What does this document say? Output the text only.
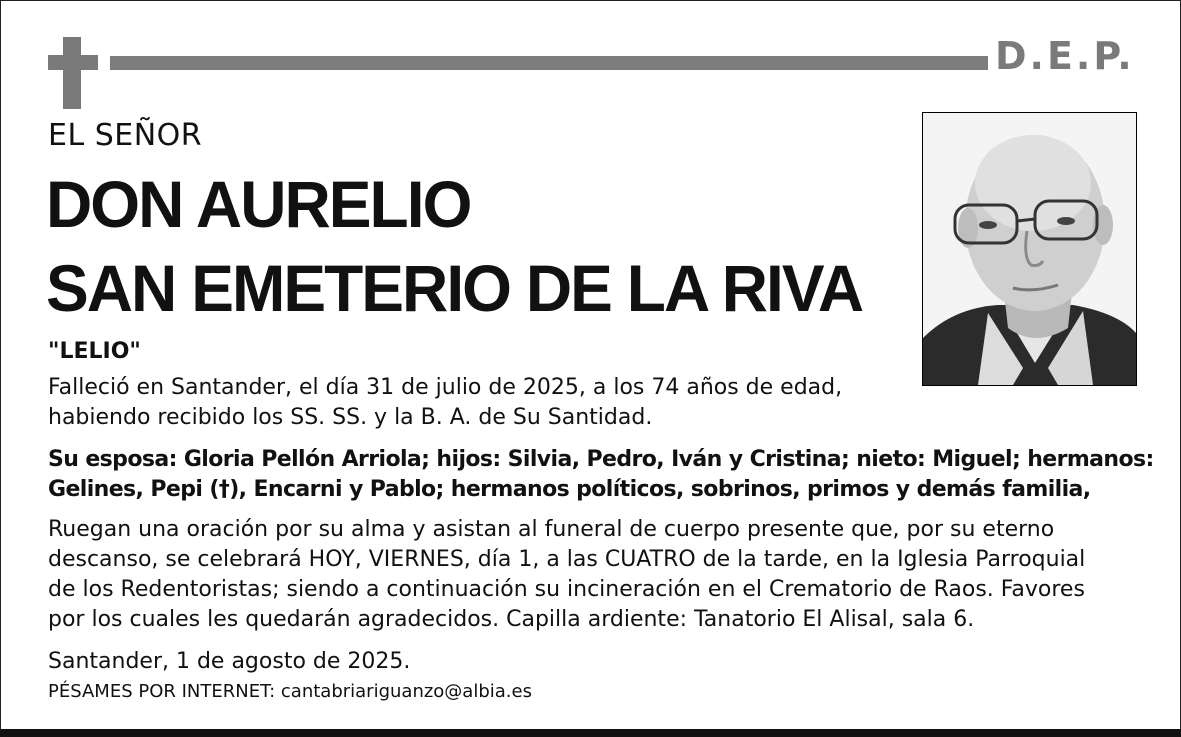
D.E.P.
EL SEÑOR
DON AURELIO
SAN EMETERIO DE LA RIVA
"LELIO"
Falleció en Santander, el día 31 de julio de 2025, a los 74 años de edad,
habiendo recibido los SS. SS. y la B. A. de Su Santidad.
Su esposa: Gloria Pellón Arriola; hijos: Silvia, Pedro, Iván y Cristina; nieto: Miguel; hermanos:
Gelines, Pepi (†), Encarni y Pablo; hermanos políticos, sobrinos, primos y demás familia,
Ruegan una oración por su alma y asistan al funeral de cuerpo presente que, por su eterno
descanso, se celebrará HOY, VIERNES, día 1, a las CUATRO de la tarde, en la Iglesia Parroquial
de los Redentoristas; siendo a continuación su incineración en el Crematorio de Raos. Favores
por los cuales les quedarán agradecidos. Capilla ardiente: Tanatorio El Alisal, sala 6.
Santander, 1 de agosto de 2025.
PÉSAMES POR INTERNET: cantabriariguanzo@albia.es
